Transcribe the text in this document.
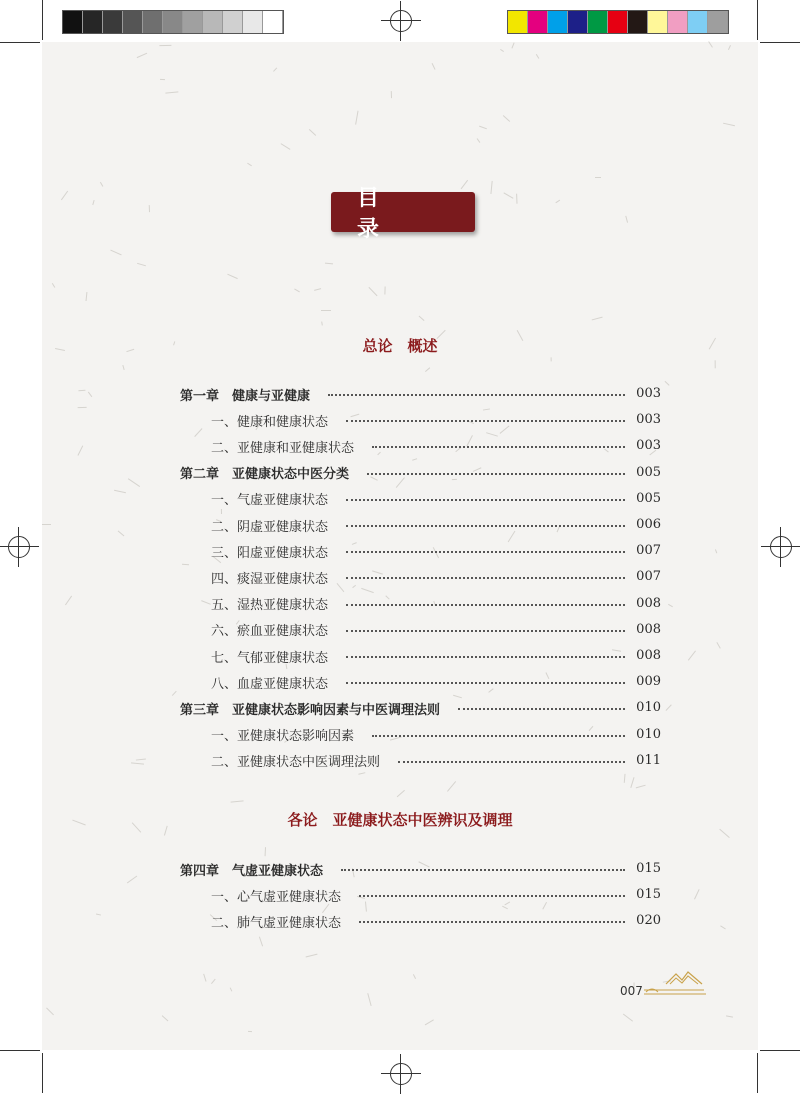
目　录
总论　概述
各论　亚健康状态中医辨识及调理
第一章　健康与亚健康	003
一、健康和健康状态	003
二、亚健康和亚健康状态	003
第二章　亚健康状态中医分类	005
一、气虚亚健康状态	005
二、阴虚亚健康状态	006
三、阳虚亚健康状态	007
四、痰湿亚健康状态	007
五、湿热亚健康状态	008
六、瘀血亚健康状态	008
七、气郁亚健康状态	008
八、血虚亚健康状态	009
第三章　亚健康状态影响因素与中医调理法则	010
一、亚健康状态影响因素	010
二、亚健康状态中医调理法则	011
第四章　气虚亚健康状态	015
一、心气虚亚健康状态	015
二、肺气虚亚健康状态	020
007
